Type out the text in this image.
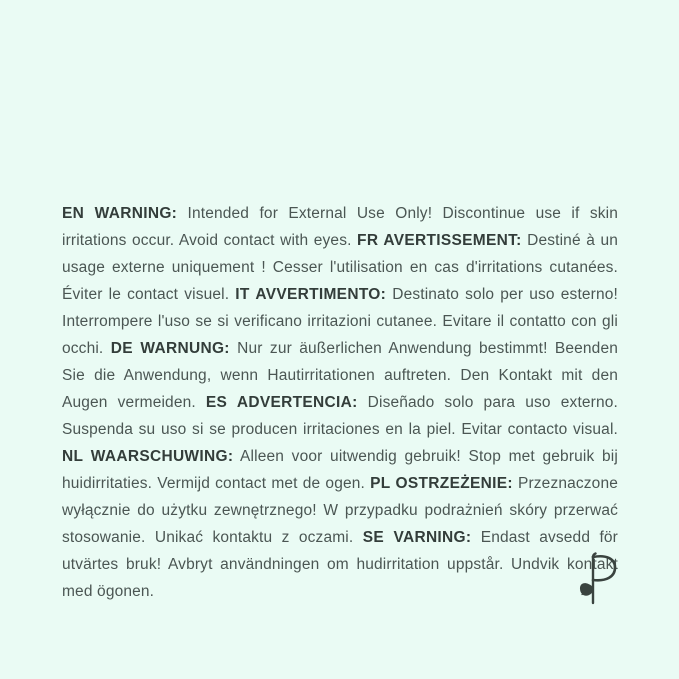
EN WARNING: Intended for External Use Only! Discontinue use if skin irritations occur. Avoid contact with eyes. FR AVERTISSEMENT: Destiné à un usage externe uniquement ! Cesser l'utilisation en cas d'irritations cutanées. Éviter le contact visuel. IT AVVERTIMENTO: Destinato solo per uso esterno! Interrompere l'uso se si verificano irritazioni cutanee. Evitare il contatto con gli occhi. DE WARNUNG: Nur zur äußerlichen Anwendung bestimmt! Beenden Sie die Anwendung, wenn Hautirritationen auftreten. Den Kontakt mit den Augen vermeiden. ES ADVERTENCIA: Diseñado solo para uso externo. Suspenda su uso si se producen irritaciones en la piel. Evitar contacto visual. NL WAARSCHUWING: Alleen voor uitwendig gebruik! Stop met gebruik bij huidirritaties. Vermijd contact met de ogen. PL OSTRZEŻENIE: Przeznaczone wyłącznie do użytku zewnętrznego! W przypadku podrażnień skóry przerwać stosowanie. Unikać kontaktu z oczami. SE VARNING: Endast avsedd för utvärtes bruk! Avbryt användningen om hudirritation uppstår. Undvik kontakt med ögonen.
